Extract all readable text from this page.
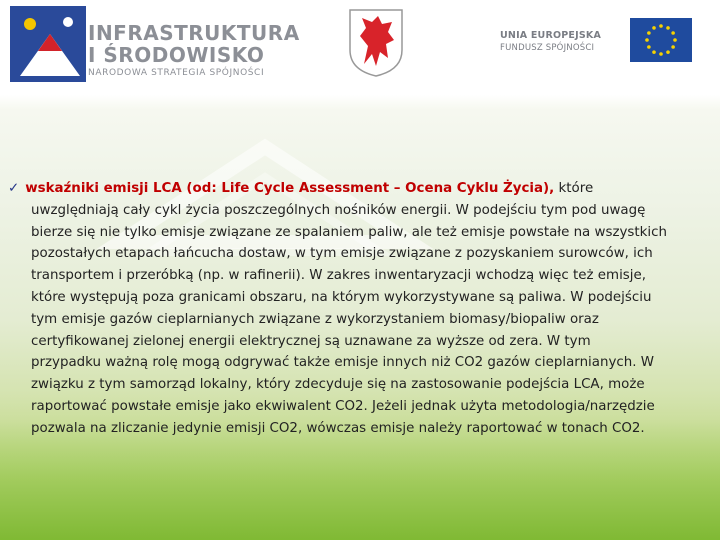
INFRASTRUKTURA
I ŚRODOWISKO
NARODOWA STRATEGIA SPÓJNOŚCI
UNIA EUROPEJSKA
FUNDUSZ SPÓJNOŚCI
✓ wskaźniki emisji LCA (od: Life Cycle Assessment – Ocena Cyklu Życia), które
uwzględniają cały cykl życia poszczególnych nośników energii. W podejściu tym pod uwagę
bierze się nie tylko emisje związane ze spalaniem paliw, ale też emisje powstałe na wszystkich
pozostałych etapach łańcucha dostaw, w tym emisje związane z pozyskaniem surowców, ich
transportem i przeróbką (np. w rafinerii). W zakres inwentaryzacji wchodzą więc też emisje,
które występują poza granicami obszaru, na którym wykorzystywane są paliwa. W podejściu
tym emisje gazów cieplarnianych związane z wykorzystaniem biomasy/biopaliw oraz
certyfikowanej zielonej energii elektrycznej są uznawane za wyższe od zera. W tym
przypadku ważną rolę mogą odgrywać także emisje innych niż CO2 gazów cieplarnianych. W
związku z tym samorząd lokalny, który zdecyduje się na zastosowanie podejścia LCA, może
raportować powstałe emisje jako ekwiwalent CO2. Jeżeli jednak użyta metodologia/narzędzie
pozwala na zliczanie jedynie emisji CO2, wówczas emisje należy raportować w tonach CO2.
